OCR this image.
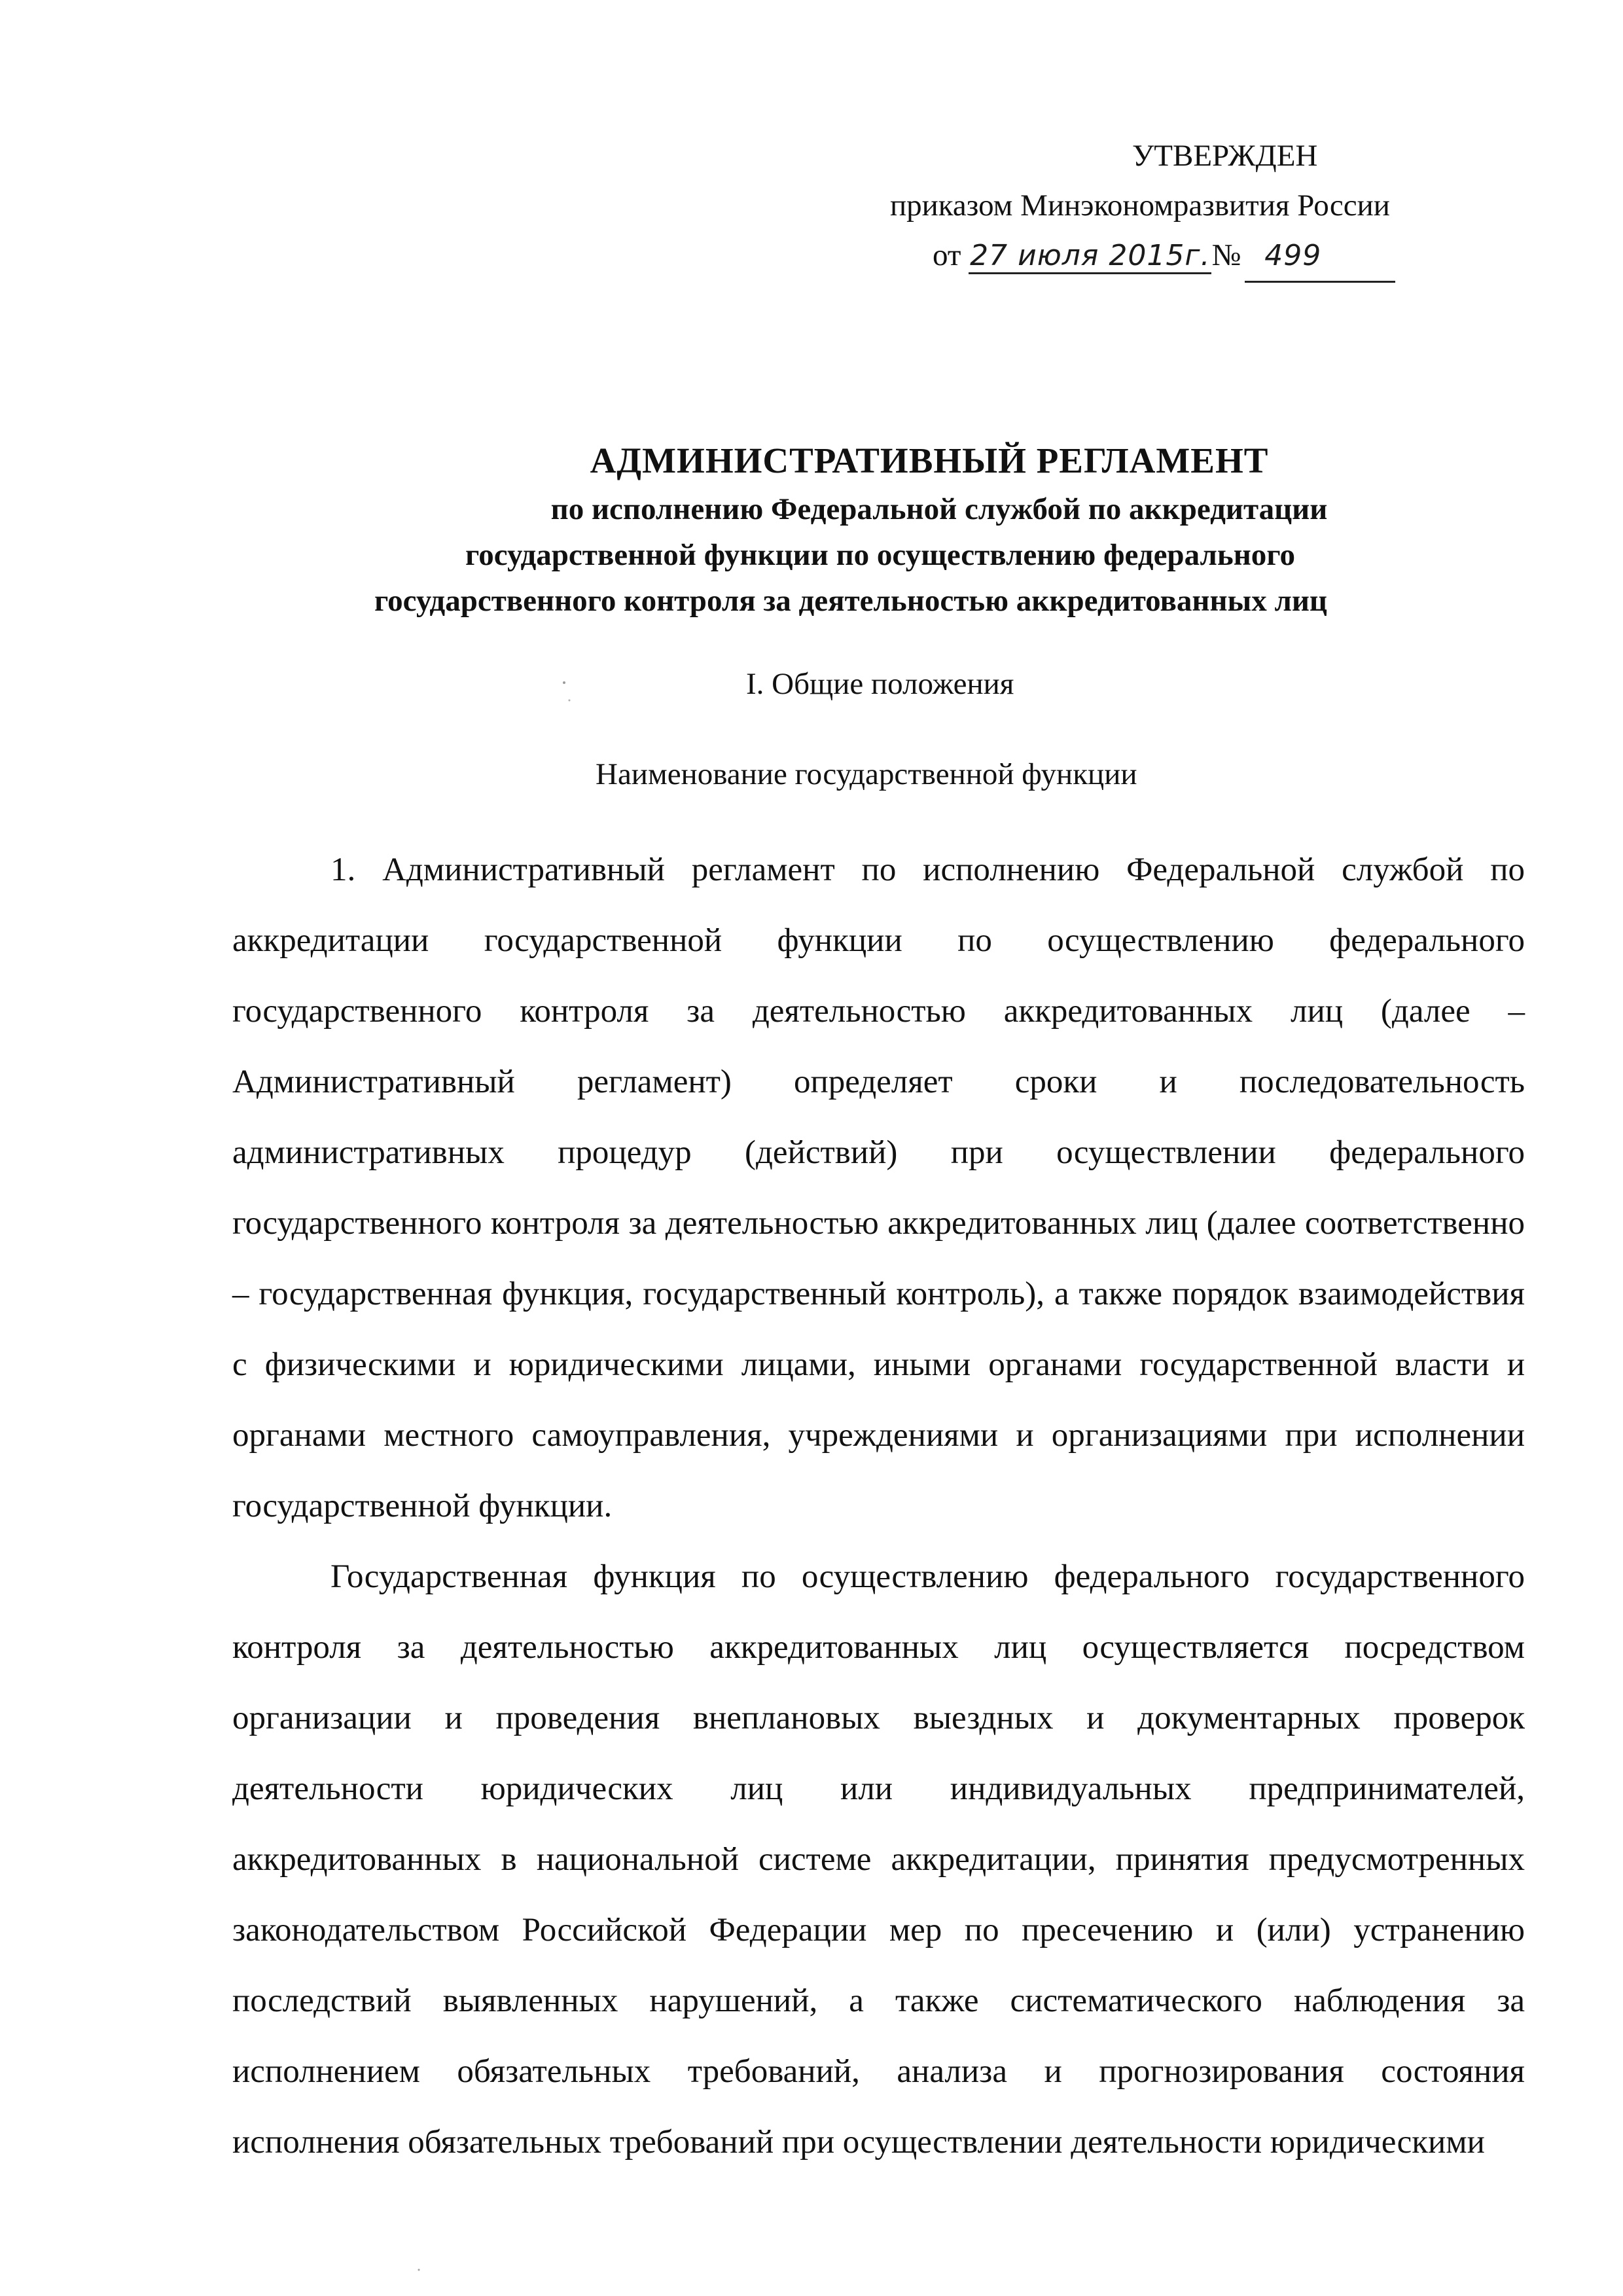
УТВЕРЖДЕН
приказом Минэкономразвития России
от 27 июля 2015г.№ 499
АДМИНИСТРАТИВНЫЙ РЕГЛАМЕНТ
по исполнению Федеральной службой по аккредитации
государственной функции по осуществлению федерального
государственного контроля за деятельностью аккредитованных лиц
I. Общие положения
Наименование государственной функции

1. Административный регламент по исполнению Федеральной службой по аккредитации государственной функции по осуществлению федерального государственного контроля за деятельностью аккредитованных лиц (далее – Административный регламент) определяет сроки и последовательность административных процедур (действий) при осуществлении федерального государственного контроля за деятельностью аккредитованных лиц (далее соответственно – государственная функция, государственный контроль), а также порядок взаимодействия с физическими и юридическими лицами, иными органами государственной власти и органами местного самоуправления, учреждениями и организациями при исполнении государственной функции.

Государственная функция по осуществлению федерального государственного контроля за деятельностью аккредитованных лиц осуществляется посредством организации и проведения внеплановых выездных и документарных проверок деятельности юридических лиц или индивидуальных предпринимателей, аккредитованных в национальной системе аккредитации, принятия предусмотренных законодательством Российской Федерации мер по пресечению и (или) устранению последствий выявленных нарушений, а также систематического наблюдения за исполнением обязательных требований, анализа и прогнозирования состояния исполнения обязательных требований при осуществлении деятельности юридическими
